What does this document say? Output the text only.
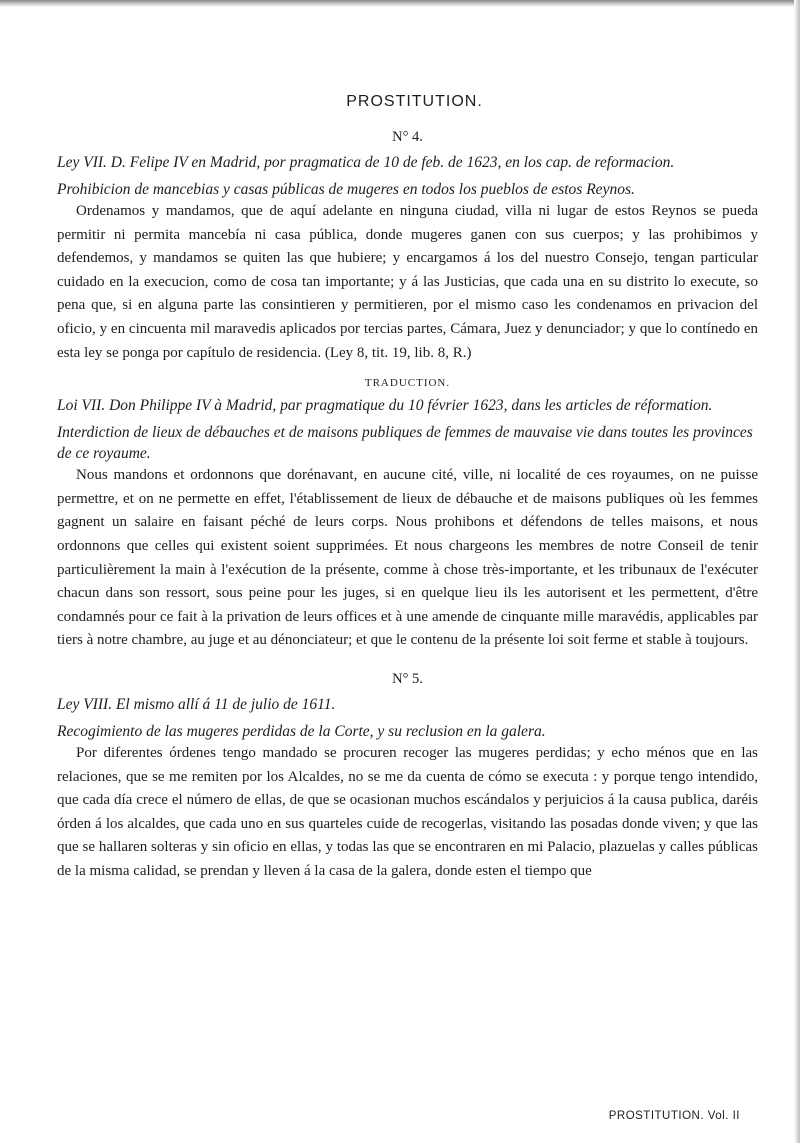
PROSTITUTION.
N° 4.

Ley VII. D. Felipe IV en Madrid, por pragmatica de 10 de feb. de 1623, en los cap. de reformacion.

Prohibicion de mancebias y casas públicas de mugeres en todos los pueblos de estos Reynos.

Ordenamos y mandamos, que de aquí adelante en ninguna ciudad, villa ni lugar de estos Reynos se pueda permitir ni permita mancebía ni casa pública, donde mugeres ganen con sus cuerpos; y las prohibimos y defendemos, y mandamos se quiten las que hubiere; y encargamos á los del nuestro Consejo, tengan particular cuidado en la execucion, como de cosa tan importante; y á las Justicias, que cada una en su distrito lo execute, so pena que, si en alguna parte las consintieren y permitieren, por el mismo caso les condenamos en privacion del oficio, y en cincuenta mil maravedis aplicados por tercias partes, Cámara, Juez y denunciador; y que lo contínedo en esta ley se ponga por capítulo de residencia. (Ley 8, tit. 19, lib. 8, R.)

TRADUCTION.

Loi VII. Don Philippe IV à Madrid, par pragmatique du 10 février 1623, dans les articles de réformation.

Interdiction de lieux de débauches et de maisons publiques de femmes de mauvaise vie dans toutes les provinces de ce royaume.

Nous mandons et ordonnons que dorénavant, en aucune cité, ville, ni localité de ces royaumes, on ne puisse permettre, et on ne permette en effet, l'établissement de lieux de débauche et de maisons publiques où les femmes gagnent un salaire en faisant péché de leurs corps. Nous prohibons et défendons de telles maisons, et nous ordonnons que celles qui existent soient supprimées. Et nous chargeons les membres de notre Conseil de tenir particulièrement la main à l'exécution de la présente, comme à chose très-importante, et les tribunaux de l'exécuter chacun dans son ressort, sous peine pour les juges, si en quelque lieu ils les autorisent et les permettent, d'être condamnés pour ce fait à la privation de leurs offices et à une amende de cinquante mille maravédis, applicables par tiers à notre chambre, au juge et au dénonciateur; et que le contenu de la présente loi soit ferme et stable à toujours.

N° 5.

Ley VIII. El mismo allí á 11 de julio de 1611.

Recogimiento de las mugeres perdidas de la Corte, y su reclusion en la galera.

Por diferentes órdenes tengo mandado se procuren recoger las mugeres perdidas; y echo ménos que en las relaciones, que se me remiten por los Alcaldes, no se me da cuenta de cómo se executa : y porque tengo intendido, que cada día crece el número de ellas, de que se ocasionan muchos escándalos y perjuicios á la causa publica, daréis órden á los alcaldes, que cada uno en sus quarteles cuide de recogerlas, visitando las posadas donde viven; y que las que se hallaren solteras y sin oficio en ellas, y todas las que se encontraren en mi Palacio, plazuelas y calles públicas de la misma calidad, se prendan y lleven á la casa de la galera, donde esten el tiempo que

PROSTITUTION. Vol. II
